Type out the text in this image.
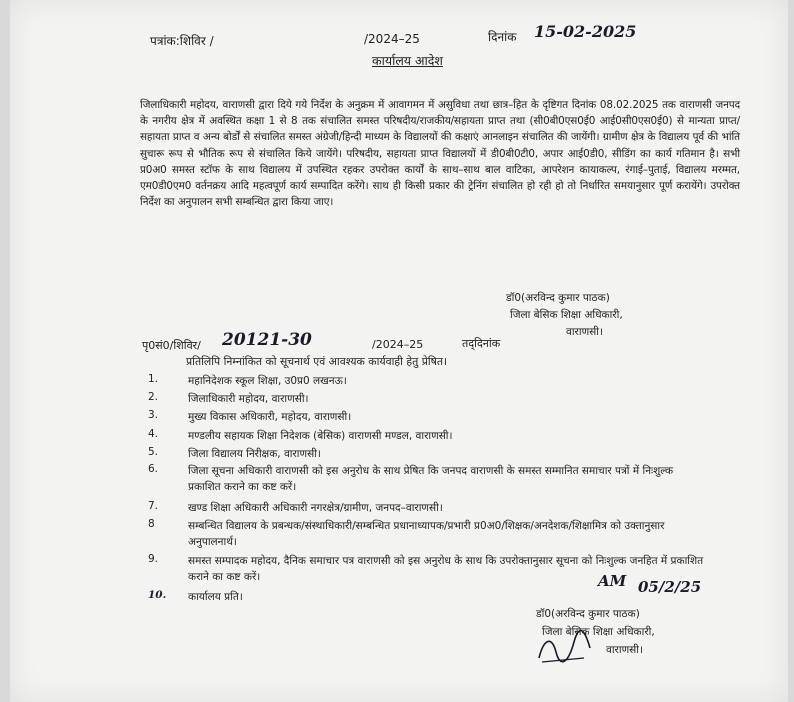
पत्रांक:शिविर /	/2024–25	दिनांक 15-02-2025
कार्यालय आदेश
जिलाधिकारी महोदय, वाराणसी द्वारा दिये गये निर्देश के अनुक्रम में आवागमन में असुविधा तथा छात्र–हित के दृष्टिगत दिनांक 08.02.2025 तक वाराणसी जनपद के नगरीय क्षेत्र में अवस्थित कक्षा 1 से 8 तक संचालित समस्त परिषदीय/राजकीय/सहायता प्राप्त तथा (सी0बी0एस0ई0 आई0सी0एस0ई0) से मान्यता प्राप्त/सहायता प्राप्त व अन्य बोर्डों से संचालित समस्त अंग्रेजी/हिन्दी माध्यम के विद्यालयों की कक्षाएं आनलाइन संचालित की जायेंगी। ग्रामीण क्षेत्र के विद्यालय पूर्व की भांति सुचारू रूप से भौतिक रूप से संचालित किये जायेंगे। परिषदीय, सहायता प्राप्त विद्यालयों में डी0बी0टी0, अपार आई0डी0, सीडिंग का कार्य गतिमान है। सभी प्र0अ0 समस्त स्टॉफ के साथ विद्यालय में उपस्थित रहकर उपरोक्त कार्यों के साथ–साथ बाल वाटिका, आपरेशन कायाकल्प, रंगाई–पुताई, विद्यालय मरम्मत, एम0डी0एम0 वर्तनक्रय आदि महत्वपूर्ण कार्य सम्पादित करेंगे। साथ ही किसी प्रकार की ट्रेनिंग संचालित हो रही हो तो निर्धारित समयानुसार पूर्ण करायेंगे। उपरोक्त निर्देश का अनुपालन सभी सम्बन्धित द्वारा किया जाए।
डॉ0(अरविन्द कुमार पाठक)
जिला बेसिक शिक्षा अधिकारी,
वाराणसी।
पृ0सं0/शिविर/ 20121-30	/2024–25	तद्‌दिनांक
प्रतिलिपि निम्नांकित को सूचनार्थ एवं आवश्यक कार्यवाही हेतु प्रेषित।
1.	महानिदेशक स्कूल शिक्षा, उ0प्र0 लखनऊ।
2.	जिलाधिकारी महोदय, वाराणसी।
3.	मुख्य विकास अधिकारी, महोदय, वाराणसी।
4.	मण्डलीय सहायक शिक्षा निदेशक (बेसिक) वाराणसी मण्डल, वाराणसी।
5.	जिला विद्यालय निरीक्षक, वाराणसी।
6.	जिला सूचना अधिकारी वाराणसी को इस अनुरोध के साथ प्रेषित कि जनपद वाराणसी के समस्त सम्मानित समाचार पत्रों में निःशुल्क प्रकाशित कराने का कष्ट करें।
7.	खण्ड शिक्षा अधिकारी अधिकारी नगरक्षेत्र/ग्रामीण, जनपद–वाराणसी।
8	सम्बन्धित विद्यालय के प्रबन्धक/संस्थाधिकारी/सम्बन्धित प्रधानाध्यापक/प्रभारी प्र0अ0/शिक्षक/अनदेशक/शिक्षामित्र को उक्तानुसार अनुपालनार्थ।
9.	समस्त सम्पादक महोदय, दैनिक समाचार पत्र वाराणसी को इस अनुरोध के साथ कि उपरोक्तानुसार सूचना को निःशुल्क जनहित में प्रकाशित कराने का कष्ट करें।
10.	कार्यालय प्रति।
AM 05/2/25
डॉ0(अरविन्द कुमार पाठक)
जिला बेसिक शिक्षा अधिकारी,
वाराणसी।
